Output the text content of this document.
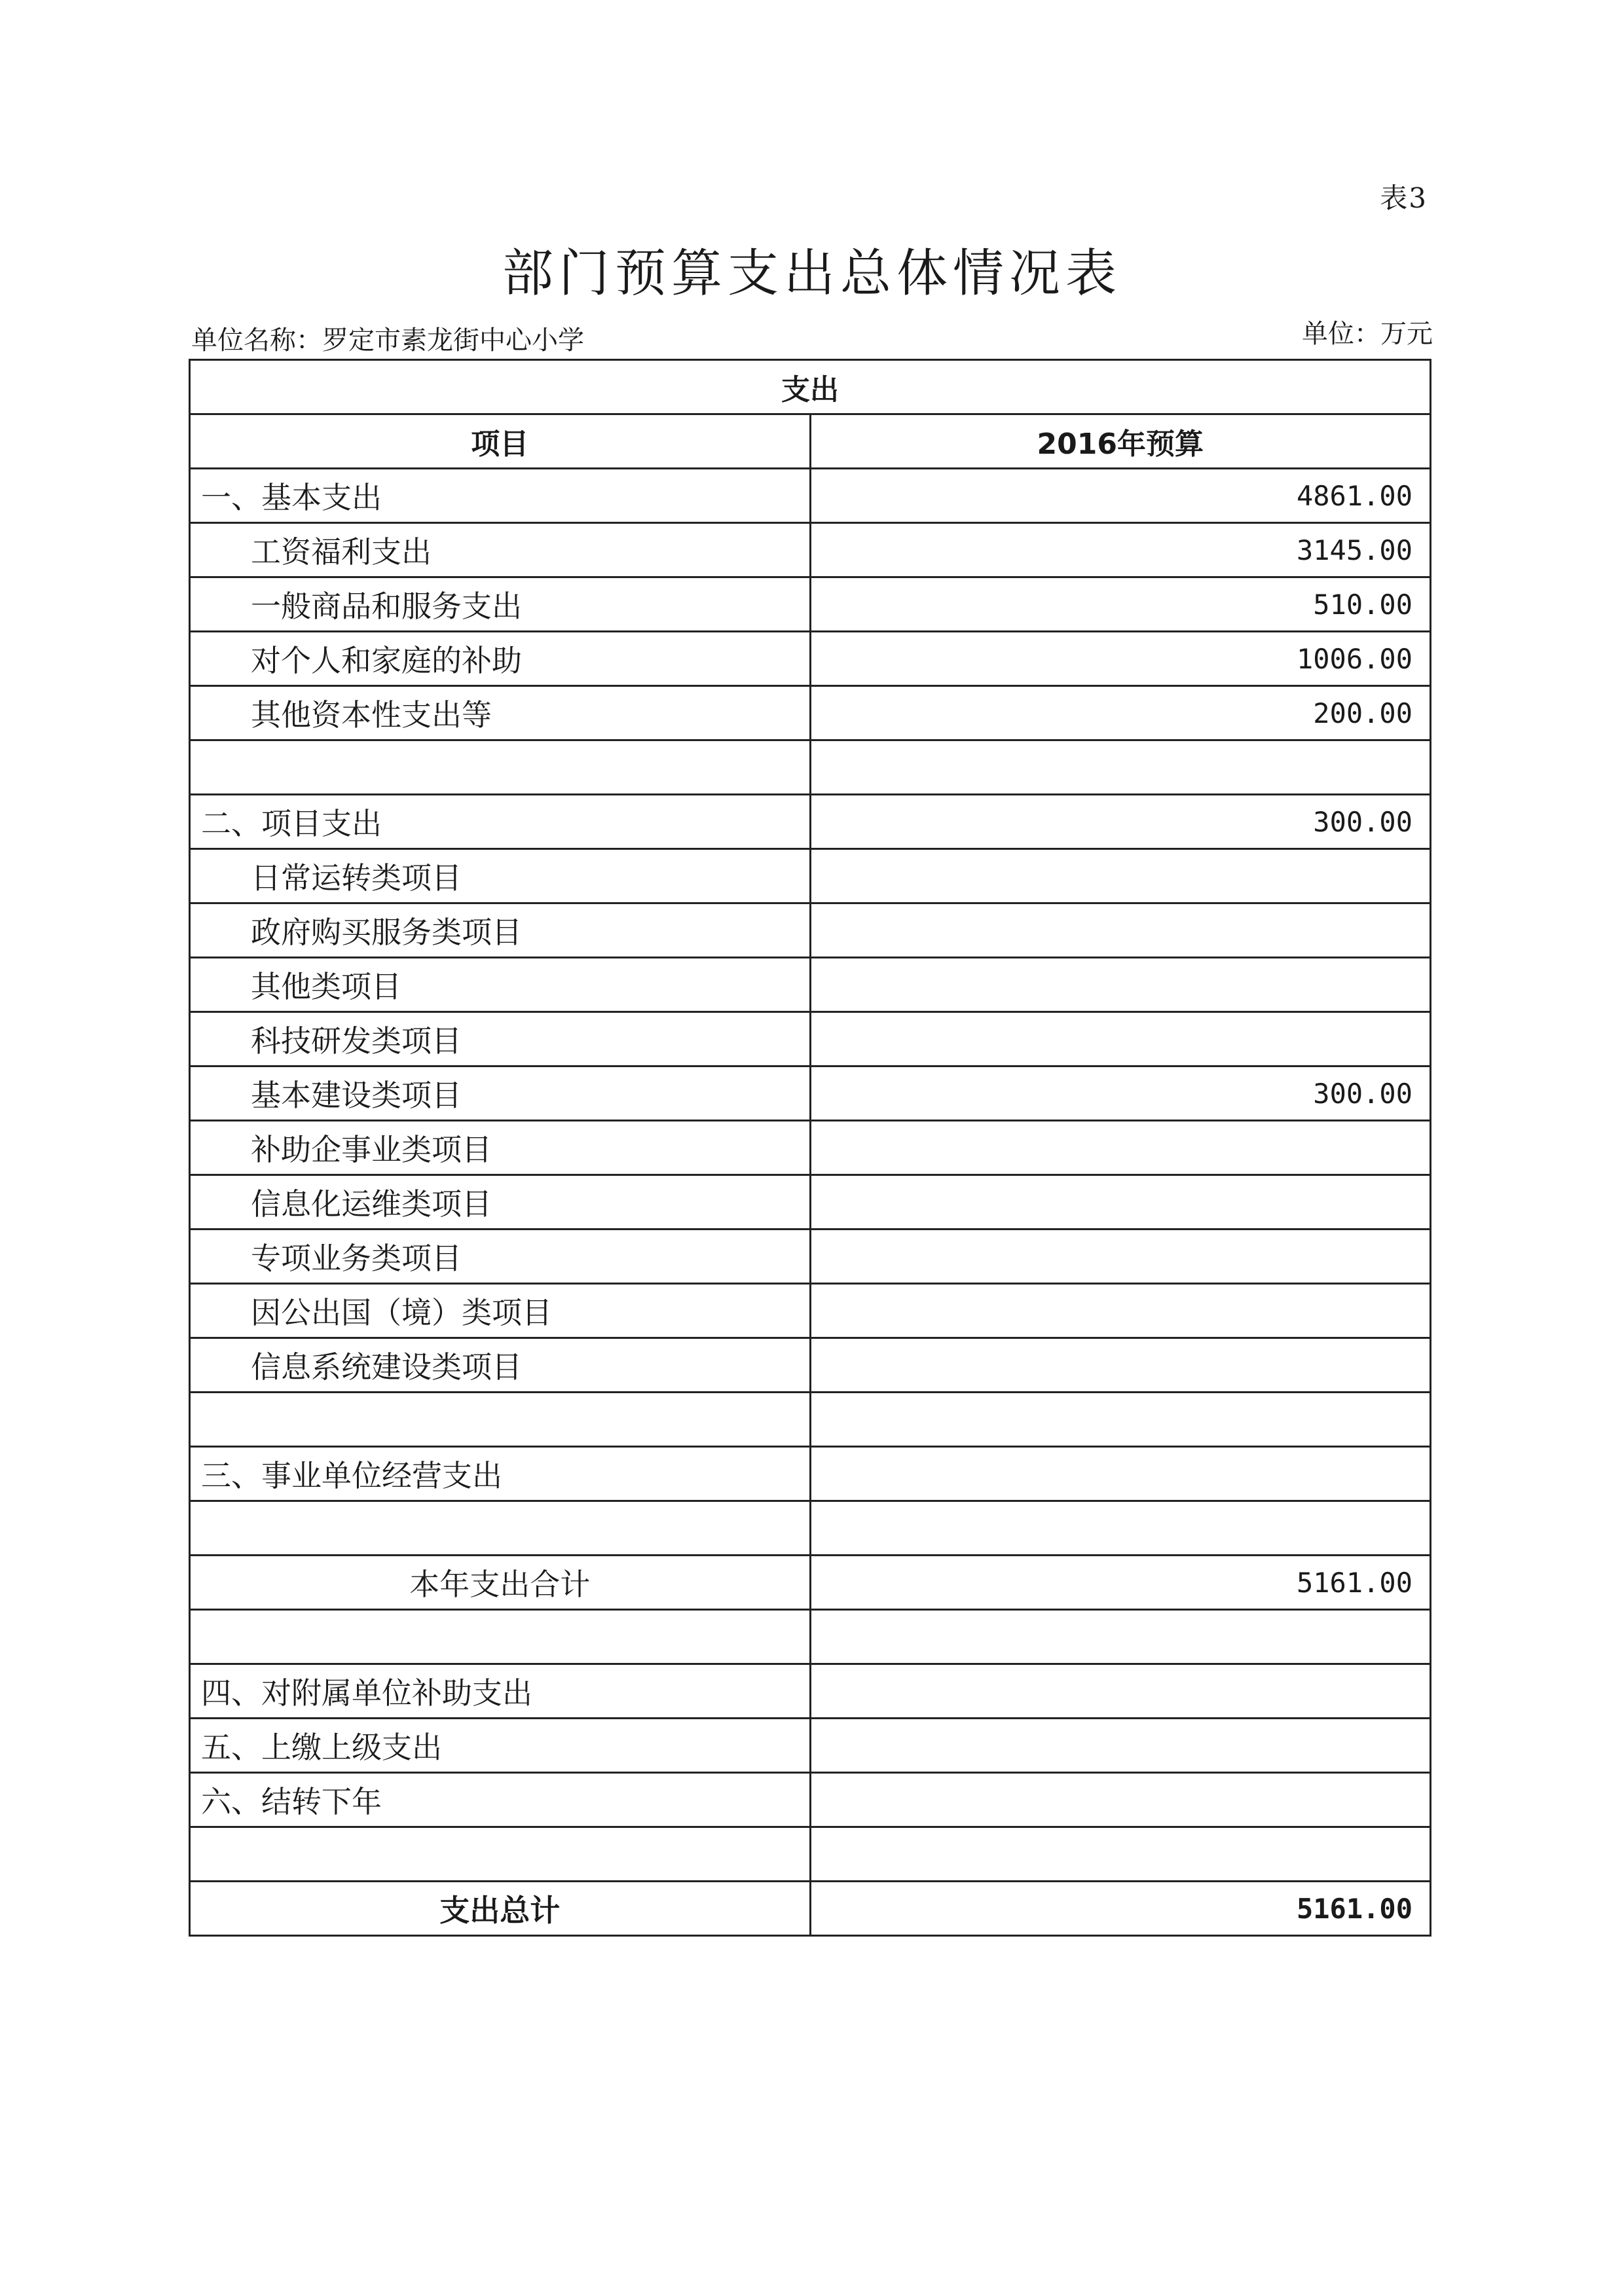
表3
部门预算支出总体情况表
单位名称：罗定市素龙街中心小学	单位：万元
支出	
项目	2016年预算
一、基本支出	4861.00
工资福利支出	3145.00
一般商品和服务支出	510.00
对个人和家庭的补助	1006.00
其他资本性支出等	200.00

二、项目支出	300.00
日常运转类项目	
政府购买服务类项目	
其他类项目	
科技研发类项目	
基本建设类项目	300.00
补助企事业类项目	
信息化运维类项目	
专项业务类项目	
因公出国（境）类项目	
信息系统建设类项目	

三、事业单位经营支出	

本年支出合计	5161.00

四、对附属单位补助支出	
五、上缴上级支出	
六、结转下年	

支出总计	5161.00
